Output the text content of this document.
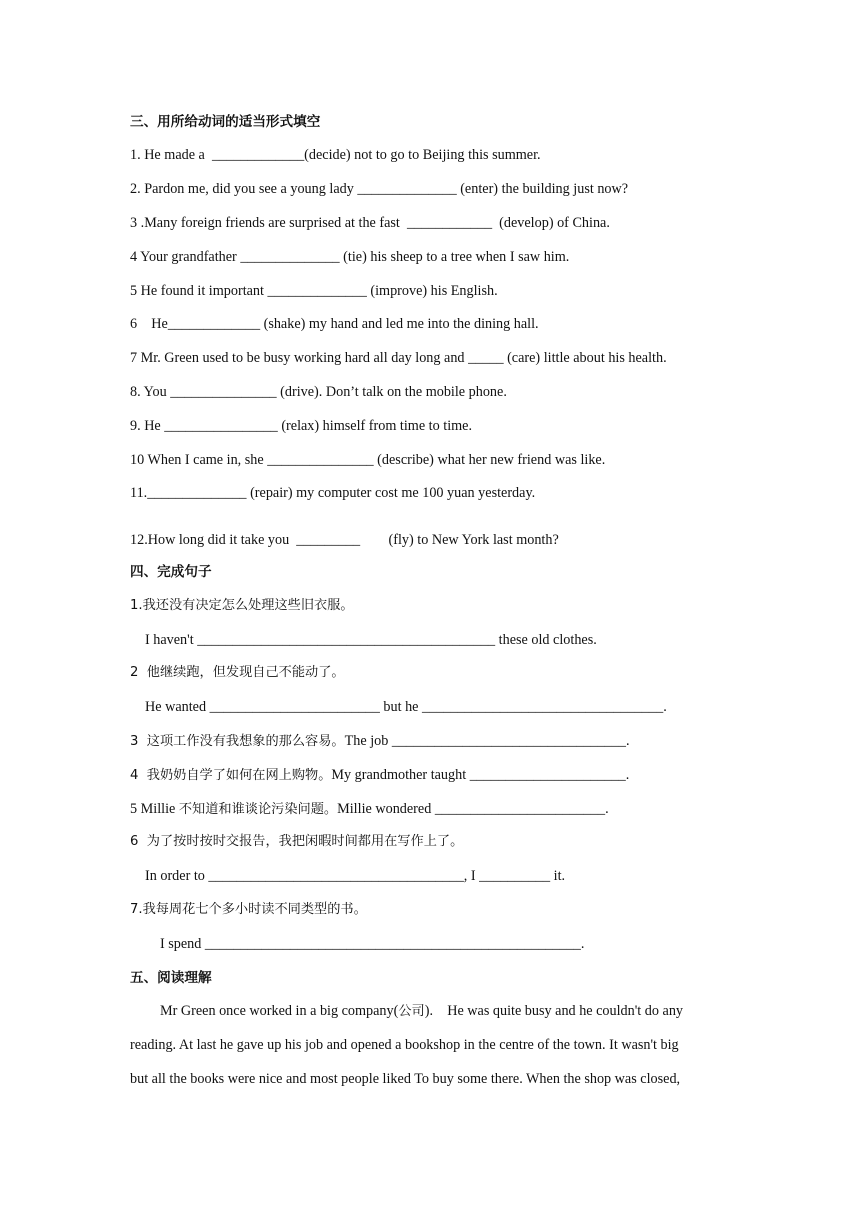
三、用所给动词的适当形式填空
1. He made a  _____________(decide) not to go to Beijing this summer.
2. Pardon me, did you see a young lady ______________ (enter) the building just now?
3 .Many foreign friends are surprised at the fast  ____________  (develop) of China.
4 Your grandfather ______________ (tie) his sheep to a tree when I saw him.
5 He found it important ______________ (improve) his English.
6    He_____________ (shake) my hand and led me into the dining hall.
7 Mr. Green used to be busy working hard all day long and _____ (care) little about his health.
8. You _______________ (drive). Don’t talk on the mobile phone.
9. He ________________ (relax) himself from time to time.
10 When I came in, she _______________ (describe) what her new friend was like.
11.______________ (repair) my computer cost me 100 yuan yesterday.
12.How long did it take you  _________        (fly) to New York last month?
四、完成句子
1.我还没有决定怎么处理这些旧衣服。
I haven't __________________________________________ these old clothes.
2  他继续跑，但发现自己不能动了。
He wanted ________________________ but he __________________________________.
3  这项工作没有我想象的那么容易。The job _________________________________.
4  我奶奶自学了如何在网上购物。My grandmother taught ______________________.
5 Millie 不知道和谁谈论污染问题。Millie wondered ________________________.
6  为了按时按时交报告，我把闲暇时间都用在写作上了。
In order to ____________________________________, I __________ it.
7.我每周花七个多小时读不同类型的书。
I spend _____________________________________________________.
五、阅读理解
Mr Green once worked in a big company(公司).    He was quite busy and he couldn't do any
reading. At last he gave up his job and opened a bookshop in the centre of the town. It wasn't big
but all the books were nice and most people liked To buy some there. When the shop was closed,
